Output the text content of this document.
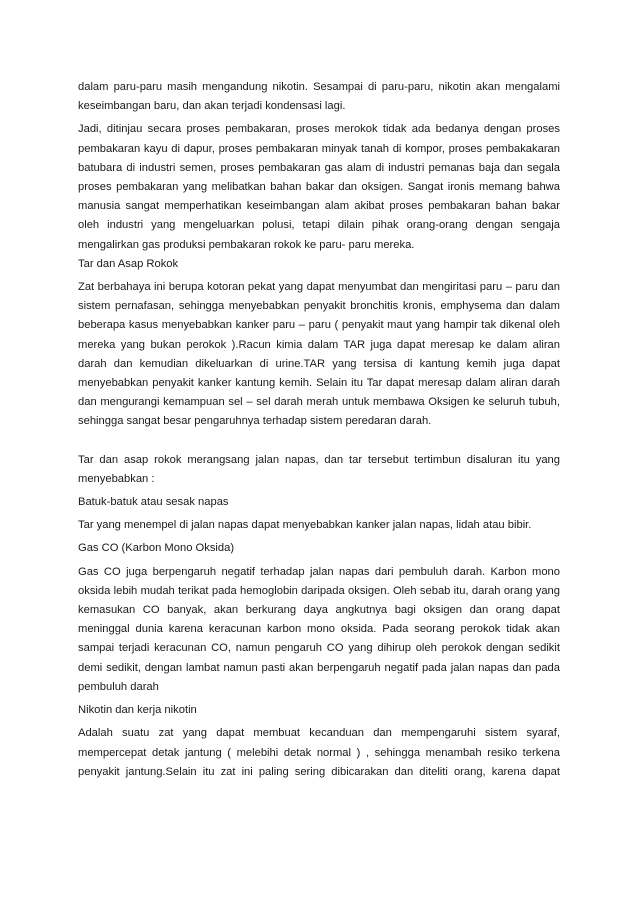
dalam paru-paru masih mengandung nikotin. Sesampai di paru-paru, nikotin akan mengalami keseimbangan baru, dan akan terjadi kondensasi lagi.

Jadi, ditinjau secara proses pembakaran, proses merokok tidak ada bedanya dengan proses pembakaran kayu di dapur, proses pembakaran minyak tanah di kompor, proses pembakakaran batubara di industri semen, proses pembakaran gas alam di industri pemanas baja dan segala proses pembakaran yang melibatkan bahan bakar dan oksigen. Sangat ironis memang bahwa manusia sangat memperhatikan keseimbangan alam akibat proses pembakaran bahan bakar oleh industri yang mengeluarkan polusi, tetapi dilain pihak orang-orang dengan sengaja mengalirkan gas produksi pembakaran rokok ke paru- paru mereka.

Tar dan Asap Rokok

Zat berbahaya ini berupa kotoran pekat yang dapat menyumbat dan mengiritasi paru – paru dan sistem pernafasan, sehingga menyebabkan penyakit bronchitis kronis, emphysema dan dalam beberapa kasus menyebabkan kanker paru – paru ( penyakit maut yang hampir tak dikenal oleh mereka yang bukan perokok ).Racun kimia dalam TAR juga dapat meresap ke dalam aliran darah dan kemudian dikeluarkan di urine.TAR yang tersisa di kantung kemih juga dapat menyebabkan penyakit kanker kantung kemih. Selain itu Tar dapat meresap dalam aliran darah dan mengurangi kemampuan sel – sel darah merah untuk membawa Oksigen ke seluruh tubuh, sehingga sangat besar pengaruhnya terhadap sistem peredaran darah.

Tar dan asap rokok merangsang jalan napas, dan tar tersebut tertimbun disaluran itu yang menyebabkan :

Batuk-batuk atau sesak napas

Tar yang menempel di jalan napas dapat menyebabkan kanker jalan napas, lidah atau bibir.

Gas CO (Karbon Mono Oksida)

Gas CO juga berpengaruh negatif terhadap jalan napas dari pembuluh darah. Karbon mono oksida lebih mudah terikat pada hemoglobin daripada oksigen. Oleh sebab itu, darah orang yang kemasukan CO banyak, akan berkurang daya angkutnya bagi oksigen dan orang dapat meninggal dunia karena keracunan karbon mono oksida. Pada seorang perokok tidak akan sampai terjadi keracunan CO, namun pengaruh CO yang dihirup oleh perokok dengan sedikit demi sedikit, dengan lambat namun pasti akan berpengaruh negatif pada jalan napas dan pada pembuluh darah

Nikotin dan kerja nikotin

Adalah suatu zat yang dapat membuat kecanduan dan mempengaruhi sistem syaraf, mempercepat detak jantung ( melebihi detak normal ) , sehingga menambah resiko terkena penyakit jantung.Selain itu zat ini paling sering dibicarakan dan diteliti orang, karena dapat
